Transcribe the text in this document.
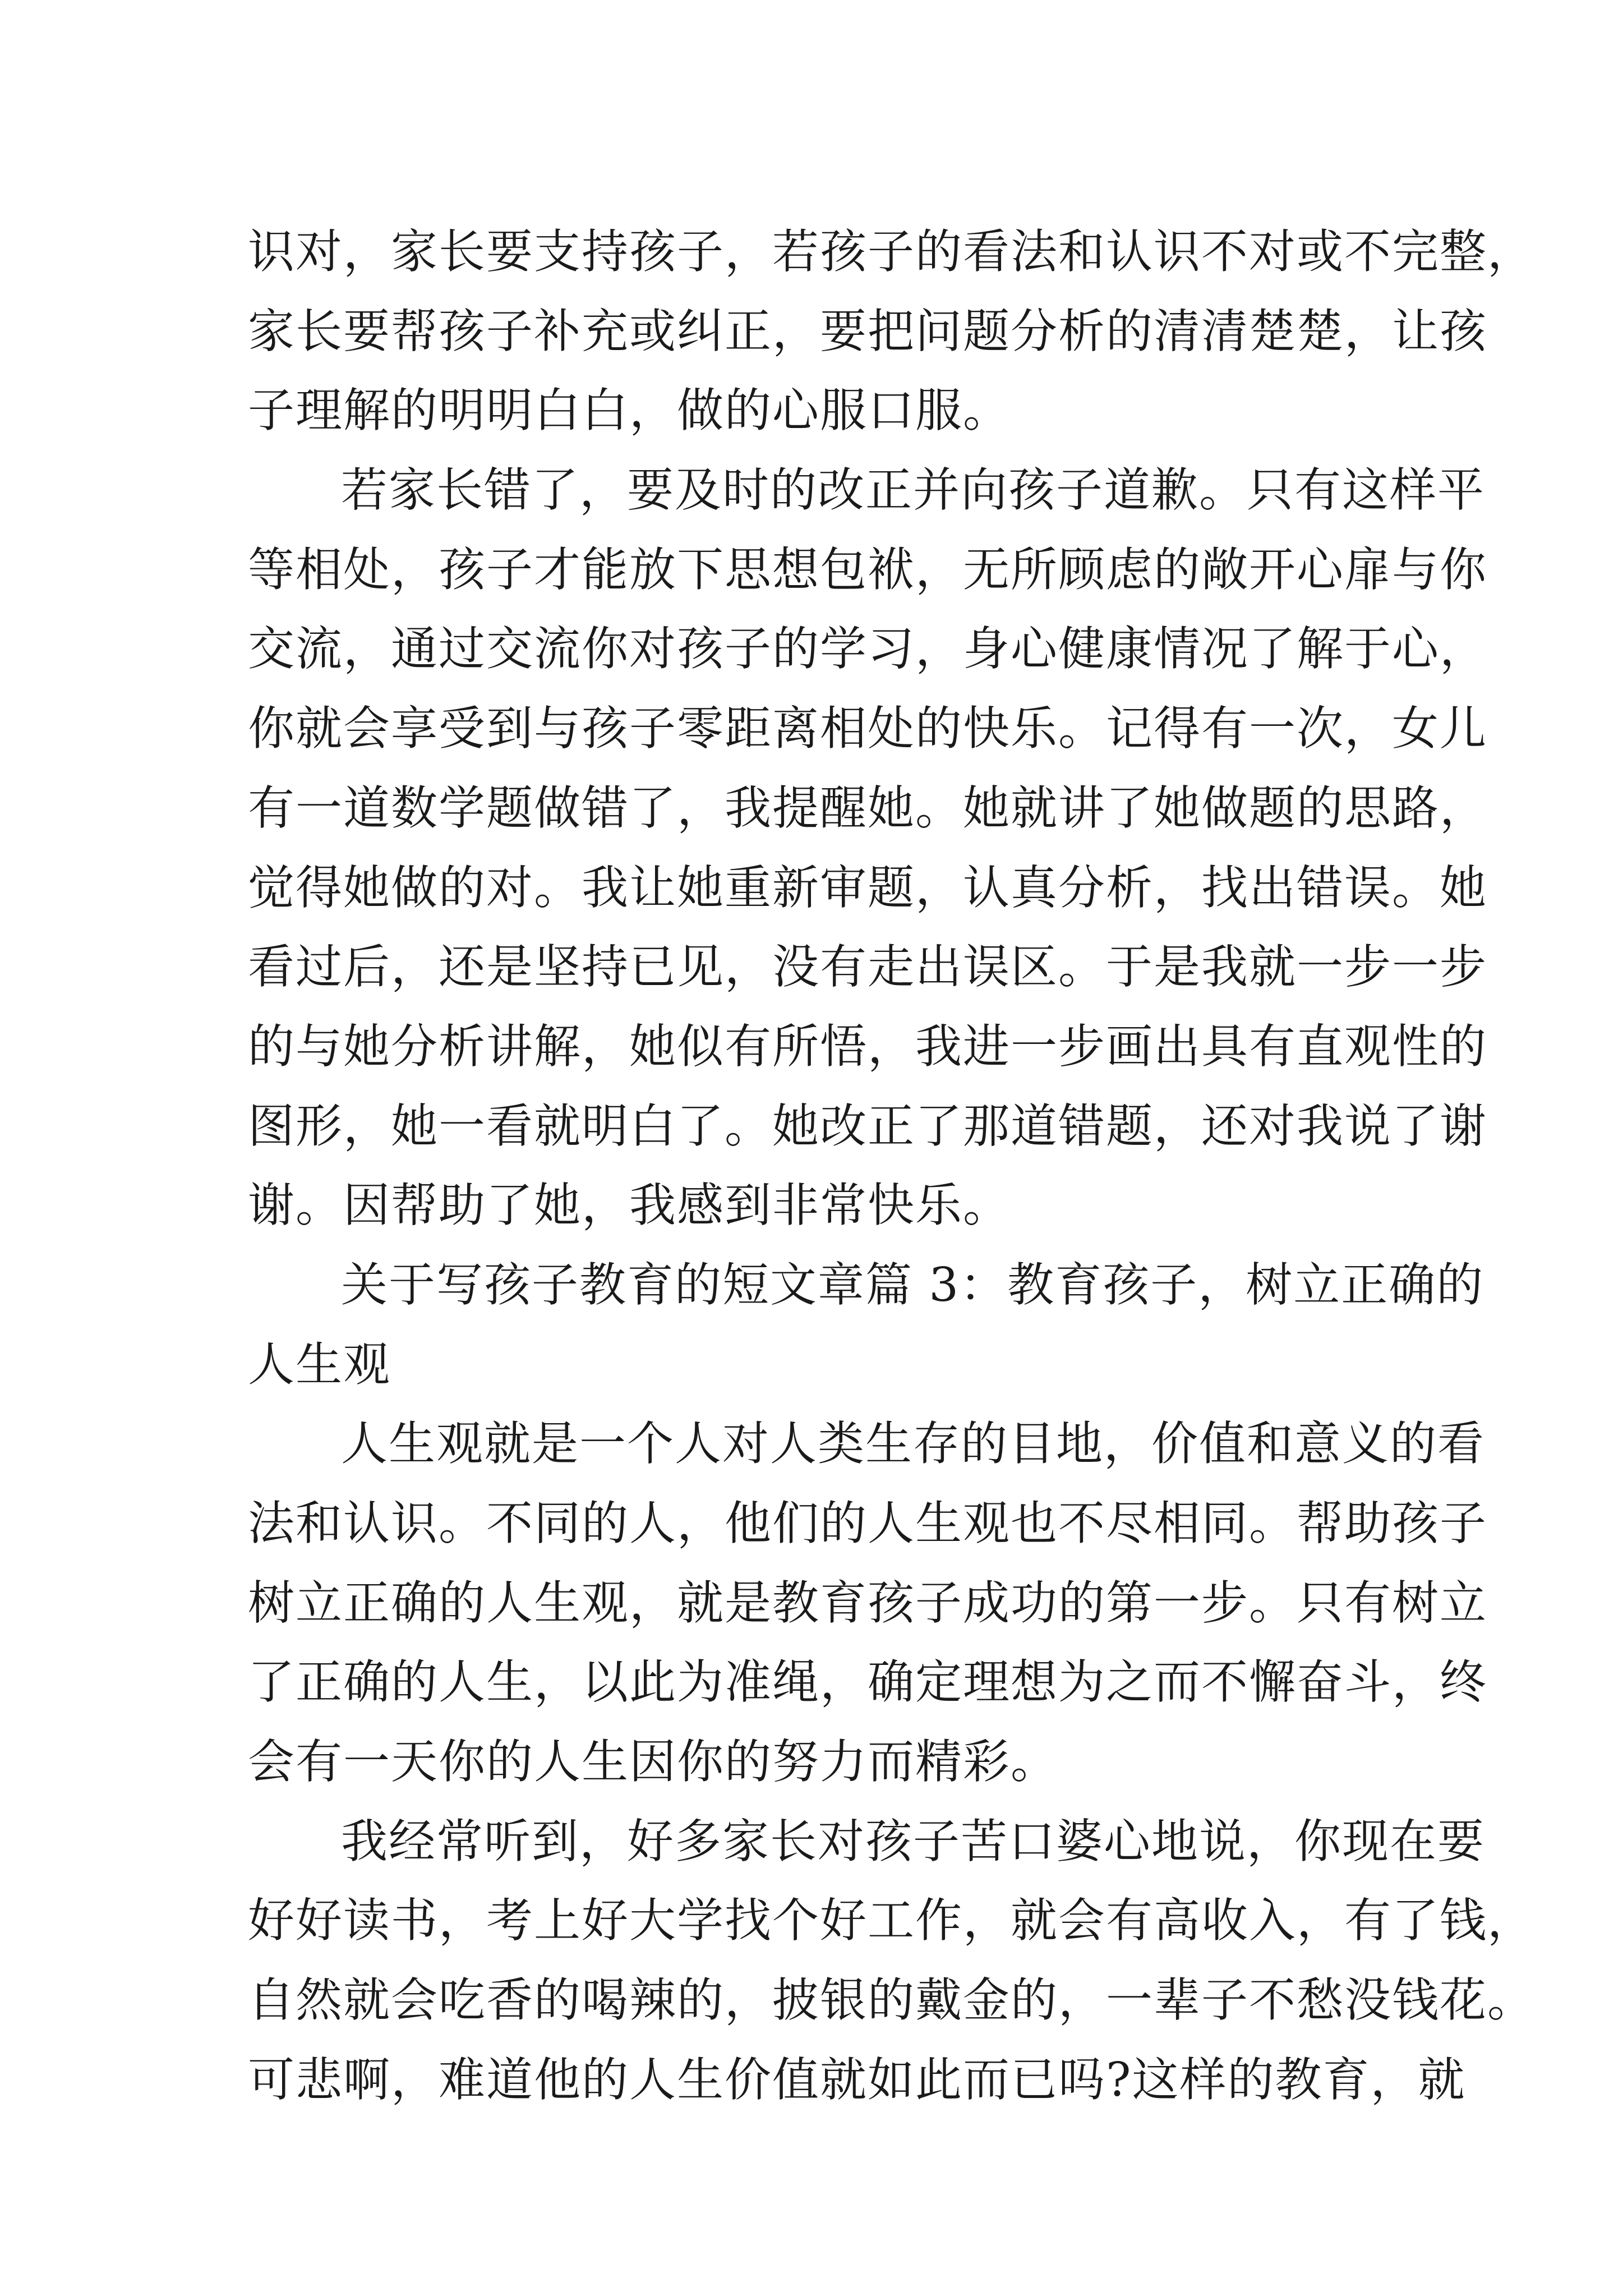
识对，家长要支持孩子，若孩子的看法和认识不对或不完整，
家长要帮孩子补充或纠正，要把问题分析的清清楚楚，让孩
子理解的明明白白，做的心服口服。
若家长错了，要及时的改正并向孩子道歉。只有这样平
等相处，孩子才能放下思想包袱，无所顾虑的敞开心扉与你
交流，通过交流你对孩子的学习，身心健康情况了解于心，
你就会享受到与孩子零距离相处的快乐。记得有一次，女儿
有一道数学题做错了，我提醒她。她就讲了她做题的思路，
觉得她做的对。我让她重新审题，认真分析，找出错误。她
看过后，还是坚持已见，没有走出误区。于是我就一步一步
的与她分析讲解，她似有所悟，我进一步画出具有直观性的
图形，她一看就明白了。她改正了那道错题，还对我说了谢
谢。因帮助了她，我感到非常快乐。
关于写孩子教育的短文章篇 3：教育孩子，树立正确的
人生观
人生观就是一个人对人类生存的目地，价值和意义的看
法和认识。不同的人，他们的人生观也不尽相同。帮助孩子
树立正确的人生观，就是教育孩子成功的第一步。只有树立
了正确的人生，以此为准绳，确定理想为之而不懈奋斗，终
会有一天你的人生因你的努力而精彩。
我经常听到，好多家长对孩子苦口婆心地说，你现在要
好好读书，考上好大学找个好工作，就会有高收入，有了钱，
自然就会吃香的喝辣的，披银的戴金的，一辈子不愁没钱花。
可悲啊，难道他的人生价值就如此而已吗?这样的教育，就
